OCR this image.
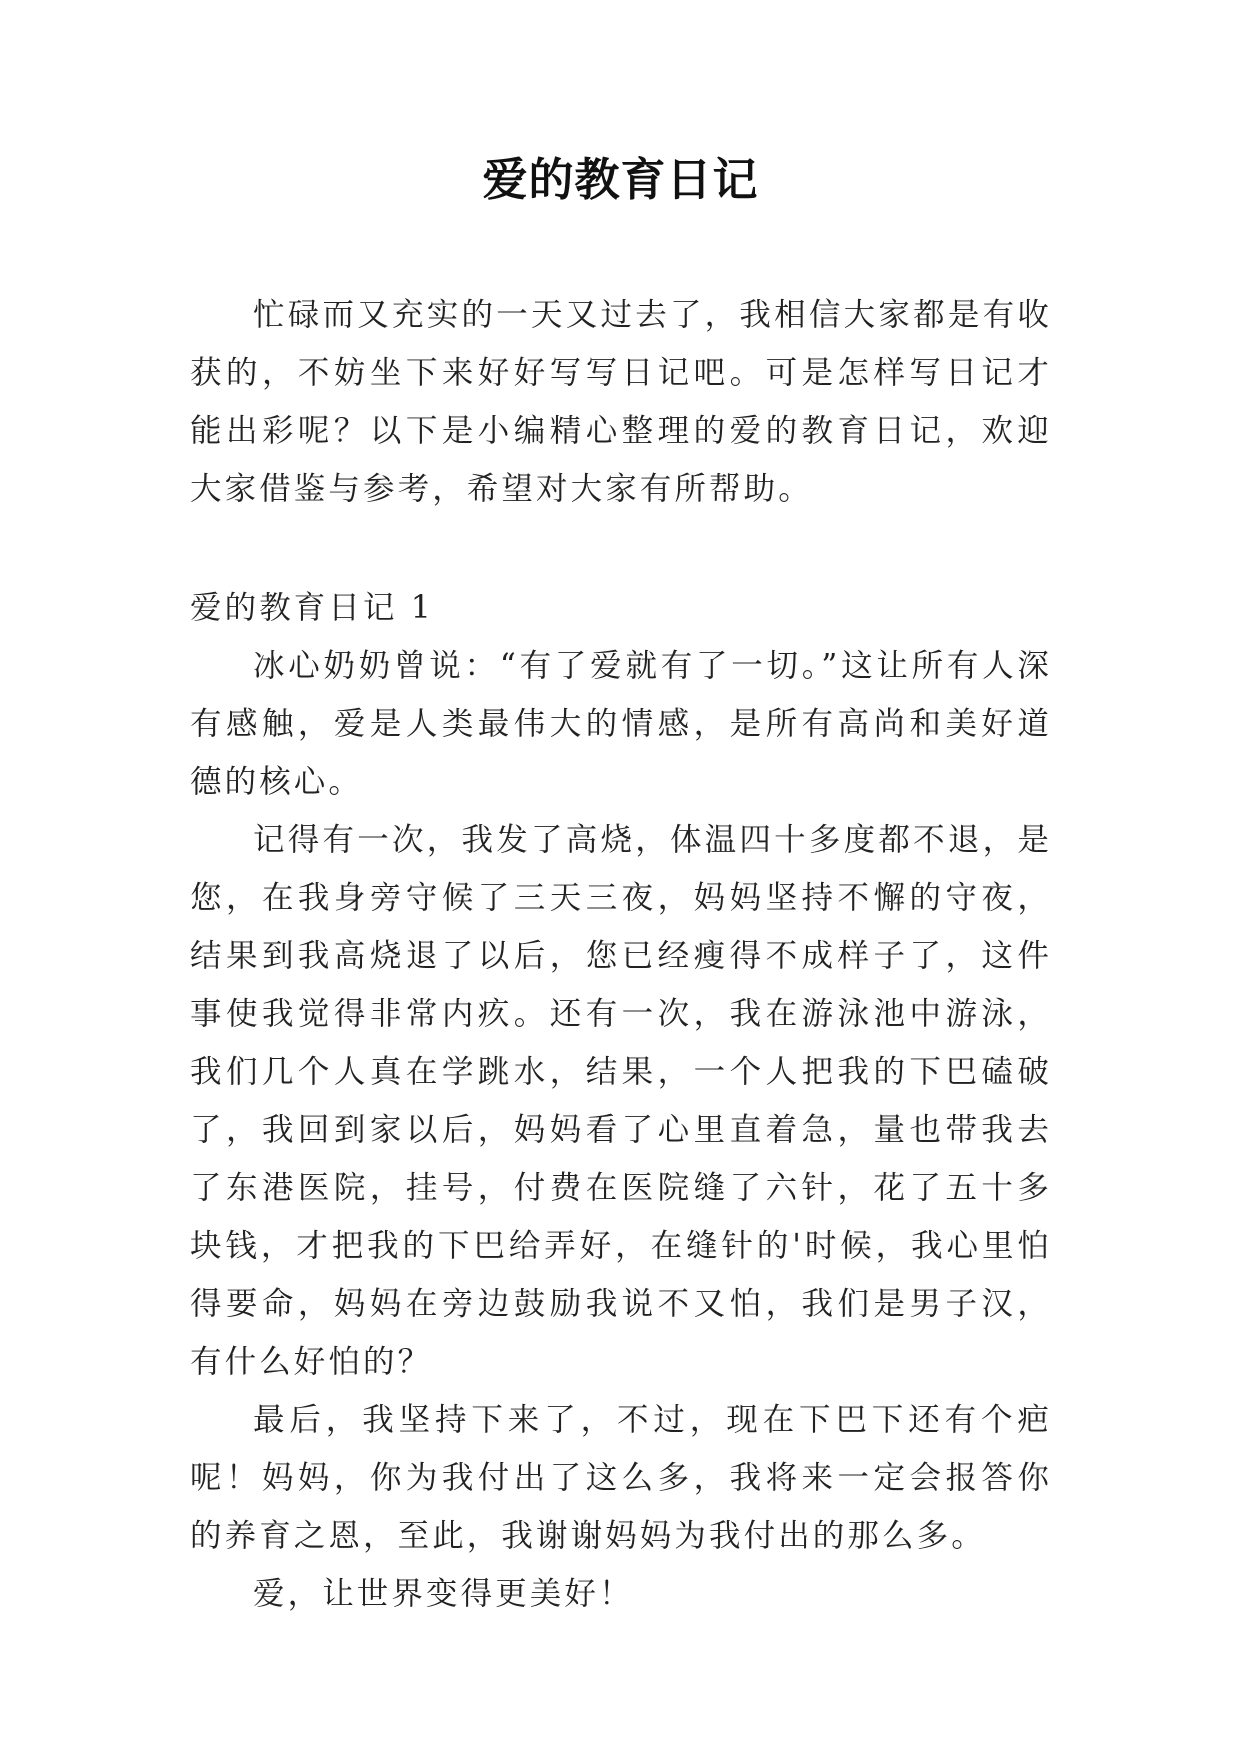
爱的教育日记

忙碌而又充实的一天又过去了，我相信大家都是有收获的，不妨坐下来好好写写日记吧。可是怎样写日记才能出彩呢？以下是小编精心整理的爱的教育日记，欢迎大家借鉴与参考，希望对大家有所帮助。

爱的教育日记 1

冰心奶奶曾说：“有了爱就有了一切。”这让所有人深有感触，爱是人类最伟大的情感，是所有高尚和美好道德的核心。

记得有一次，我发了高烧，体温四十多度都不退，是您，在我身旁守候了三天三夜，妈妈坚持不懈的守夜，结果到我高烧退了以后，您已经瘦得不成样子了，这件事使我觉得非常内疚。还有一次，我在游泳池中游泳，我们几个人真在学跳水，结果，一个人把我的下巴磕破了，我回到家以后，妈妈看了心里直着急，量也带我去了东港医院，挂号，付费在医院缝了六针，花了五十多块钱，才把我的下巴给弄好，在缝针的'时候，我心里怕得要命，妈妈在旁边鼓励我说不又怕，我们是男子汉，有什么好怕的？

最后，我坚持下来了，不过，现在下巴下还有个疤呢！妈妈，你为我付出了这么多，我将来一定会报答你的养育之恩，至此，我谢谢妈妈为我付出的那么多。

爱，让世界变得更美好！
